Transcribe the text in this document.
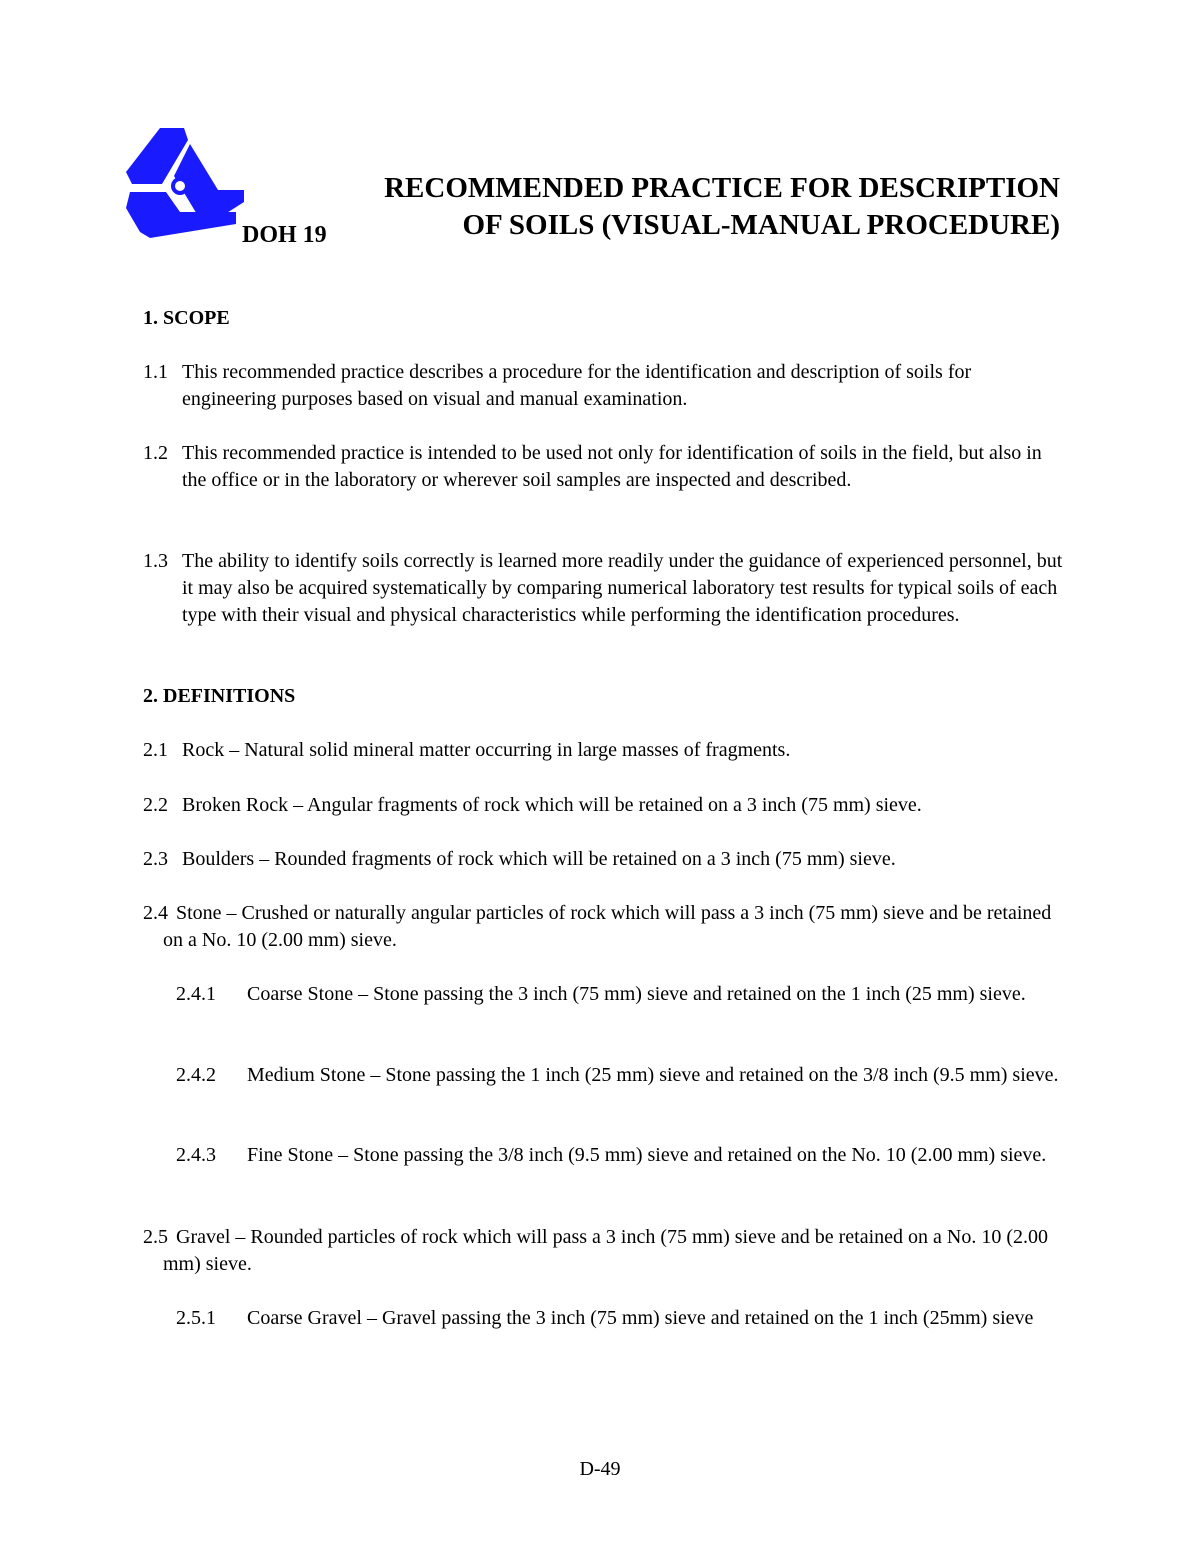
RECOMMENDED PRACTICE FOR DESCRIPTION
OF SOILS (VISUAL-MANUAL PROCEDURE)
DOH 19
1. SCOPE
1.1 This recommended practice describes a procedure for the identification and description of soils for engineering purposes based on visual and manual examination.
1.2 This recommended practice is intended to be used not only for identification of soils in the field, but also in the office or in the laboratory or wherever soil samples are inspected and described.
1.3 The ability to identify soils correctly is learned more readily under the guidance of experienced personnel, but it may also be acquired systematically by comparing numerical laboratory test results for typical soils of each type with their visual and physical characteristics while performing the identification procedures.
2. DEFINITIONS
2.1 Rock – Natural solid mineral matter occurring in large masses of fragments.
2.2 Broken Rock – Angular fragments of rock which will be retained on a 3 inch (75 mm) sieve.
2.3 Boulders – Rounded fragments of rock which will be retained on a 3 inch (75 mm) sieve.
2.4 Stone – Crushed or naturally angular particles of rock which will pass a 3 inch (75 mm) sieve and be retained on a No. 10 (2.00 mm) sieve.
2.4.1	Coarse Stone – Stone passing the 3 inch (75 mm) sieve and retained on the 1 inch (25 mm) sieve.
2.4.2	Medium Stone – Stone passing the 1 inch (25 mm) sieve and retained on the 3/8 inch (9.5 mm) sieve.
2.4.3	Fine Stone – Stone passing the 3/8 inch (9.5 mm) sieve and retained on the No. 10 (2.00 mm) sieve.
2.5 Gravel – Rounded particles of rock which will pass a 3 inch (75 mm) sieve and be retained on a No. 10 (2.00 mm) sieve.
2.5.1	Coarse Gravel – Gravel passing the 3 inch (75 mm) sieve and retained on the 1 inch (25mm) sieve
D-49
